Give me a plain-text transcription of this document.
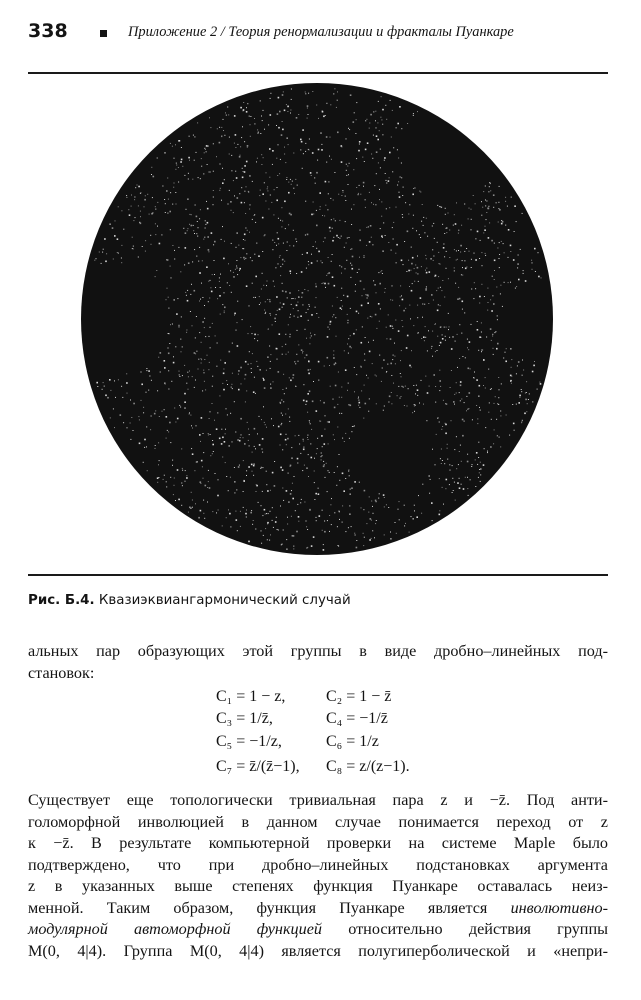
338	Приложение 2 / Теория ренормализации и фракталы Пуанкаре
Рис. Б.4. Квазиэквиангармонический случай
альных пар образующих этой группы в виде дробно–линейных под-
становок:
C₁ = 1 − z,	C₂ = 1 − z̄
C₃ = 1/z̄,	C₄ = −1/z̄
C₅ = −1/z,	C₆ = 1/z
C₇ = z̄/(z̄−1), C₈ = z/(z−1).
Существует еще топологически тривиальная пара z и −z̄. Под анти-
голоморфной инволюцией в данном случае понимается переход от z
к −z̄. В результате компьютерной проверки на системе Maple было
подтверждено, что при дробно–линейных подстановках аргумента
z в указанных выше степенях функция Пуанкаре оставалась неиз-
менной. Таким образом, функция Пуанкаре является инволютивно-
модулярной автоморфной функцией относительно действия группы
M(0, 4|4). Группа M(0, 4|4) является полугиперболической и «непри-
